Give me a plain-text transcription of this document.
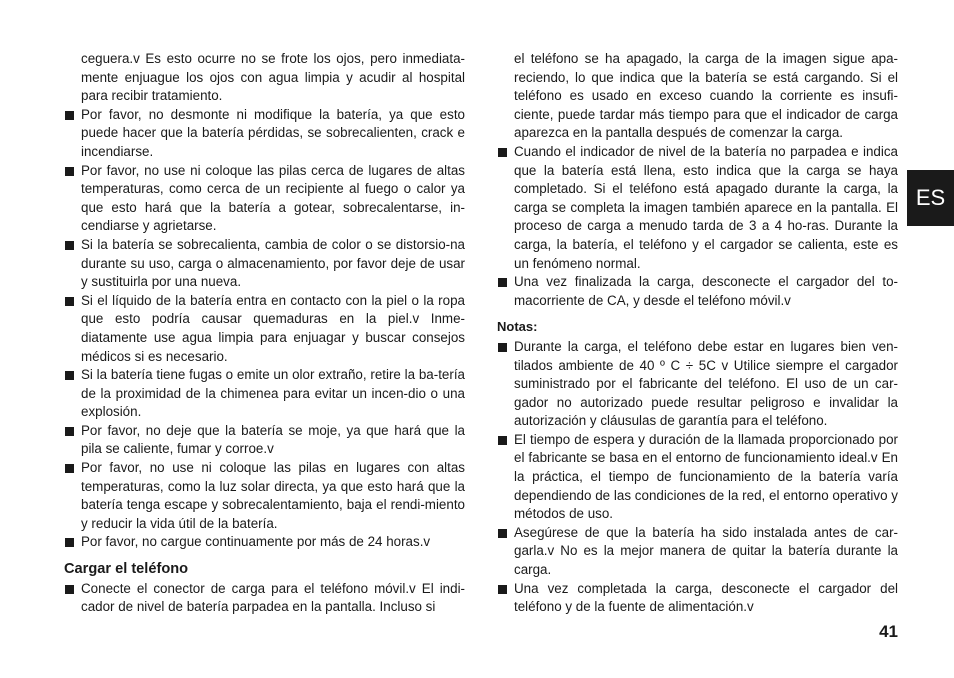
ceguera.v Es esto ocurre no se frote los ojos, pero inmediata-mente enjuague los ojos con agua limpia y acudir al hospital para recibir tratamiento.
Por favor, no desmonte ni modifique la batería, ya que esto puede hacer que la batería pérdidas, se sobrecalienten, crack e incendiarse.
Por favor, no use ni coloque las pilas cerca de lugares de altas temperaturas, como cerca de un recipiente al fuego o calor ya que esto hará que la batería a gotear, sobrecalentarse, in-cendiarse y agrietarse.
Si la batería se sobrecalienta, cambia de color o se distorsio-na durante su uso, carga o almacenamiento, por favor deje de usar y sustituirla por una nueva.
Si el líquido de la batería entra en contacto con la piel o la ropa que esto podría causar quemaduras en la piel.v Inme-diatamente use agua limpia para enjuagar y buscar consejos médicos si es necesario.
Si la batería tiene fugas o emite un olor extraño, retire la ba-tería de la proximidad de la chimenea para evitar un incen-dio o una explosión.
Por favor, no deje que la batería se moje, ya que hará que la pila se caliente, fumar y corroe.v
Por favor, no use ni coloque las pilas en lugares con altas temperaturas, como la luz solar directa, ya que esto hará que la batería tenga escape y sobrecalentamiento, baja el rendi-miento y reducir la vida útil de la batería.
Por favor, no cargue continuamente por más de 24 horas.v
Cargar el teléfono
Conecte el conector de carga para el teléfono móvil.v El indi-cador de nivel de batería parpadea en la pantalla. Incluso si
el teléfono se ha apagado, la carga de la imagen sigue apa-reciendo, lo que indica que la batería se está cargando. Si el teléfono es usado en exceso cuando la corriente es insufi-ciente, puede tardar más tiempo para que el indicador de carga aparezca en la pantalla después de comenzar la carga.
Cuando el indicador de nivel de la batería no parpadea e indica que la batería está llena, esto indica que la carga se haya completado. Si el teléfono está apagado durante la carga, la carga se completa la imagen también aparece en la pantalla. El proceso de carga a menudo tarda de 3 a 4 ho-ras. Durante la carga, la batería, el teléfono y el cargador se calienta, este es un fenómeno normal.
Una vez finalizada la carga, desconecte el cargador del to-macorriente de CA, y desde el teléfono móvil.v
Notas:
Durante la carga, el teléfono debe estar en lugares bien ven-tilados ambiente de 40 º C ÷ 5C v Utilice siempre el cargador suministrado por el fabricante del teléfono. El uso de un car-gador no autorizado puede resultar peligroso e invalidar la autorización y cláusulas de garantía para el teléfono.
El tiempo de espera y duración de la llamada proporcionado por el fabricante se basa en el entorno de funcionamiento ideal.v En la práctica, el tiempo de funcionamiento de la batería varía dependiendo de las condiciones de la red, el entorno operativo y métodos de uso.
Asegúrese de que la batería ha sido instalada antes de car-garla.v No es la mejor manera de quitar la batería durante la carga.
Una vez completada la carga, desconecte el cargador del teléfono y de la fuente de alimentación.v
ES
41
